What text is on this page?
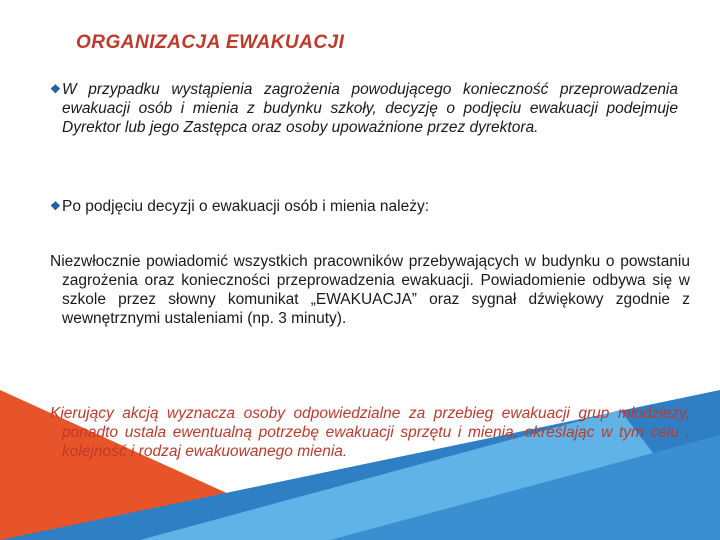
ORGANIZACJA EWAKUACJI
❖ W przypadku wystąpienia zagrożenia powodującego konieczność przeprowadzenia ewakuacji osób i mienia z budynku szkoły, decyzję o podjęciu ewakuacji podejmuje Dyrektor lub jego Zastępca oraz osoby upoważnione przez dyrektora.
❖ Po podjęciu decyzji o ewakuacji osób i mienia należy:
Niezwłocznie powiadomić wszystkich pracowników przebywających w budynku o powstaniu zagrożenia oraz konieczności przeprowadzenia ewakuacji. Powiadomienie odbywa się w szkole przez słowny komunikat „EWAKUACJA” oraz sygnał dźwiękowy zgodnie z wewnętrznymi ustaleniami (np. 3 minuty).
Kierujący akcją wyznacza osoby odpowiedzialne za przebieg ewakuacji grup młodzieży, ponadto ustala ewentualną potrzebę ewakuacji sprzętu i mienia, określając w tym celu , kolejność i rodzaj ewakuowanego mienia.
